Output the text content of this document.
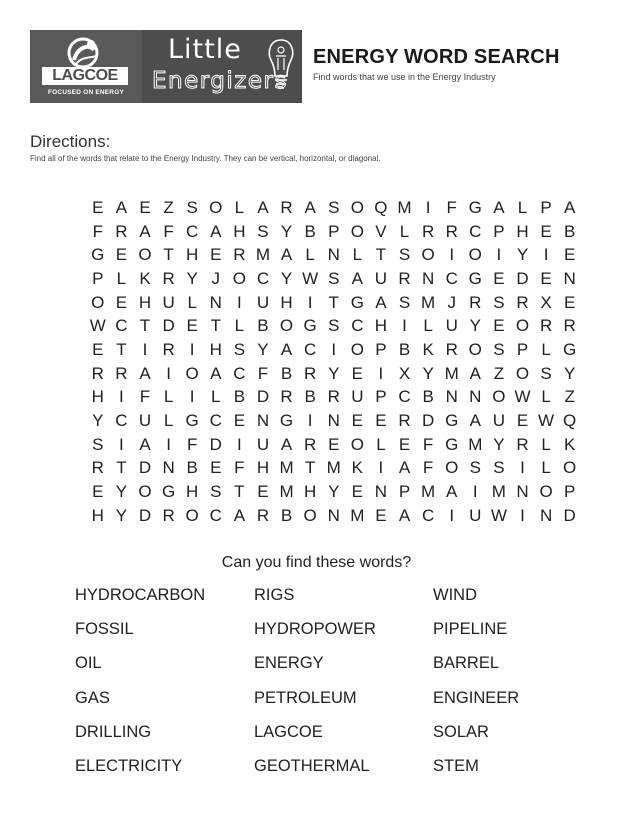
LAGCOE
FOCUSED ON ENERGY
Little
Energizers
ENERGY WORD SEARCH
Find words that we use in the Energy Industry
Directions:
Find all of the words that relate to the Energy Industry. They can be vertical, horizontal, or diagonal.
E A E Z S O L A R A S O Q M I F G A L P A
F R A F C A H S Y B P O V L R R C P H E B
G E O T H E R M A L N L T S O I O I Y I E
P L K R Y J O C Y W S A U R N C G E D E N
O E H U L N I U H I T G A S M J R S R X E
W C T D E T L B O G S C H I L U Y E O R R
E T I R I H S Y A C I O P B K R O S P L G
R R A I O A C F B R Y E I X Y M A Z O S Y
H I F L I L B D R B R U P C B N N O W L Z
Y C U L G C E N G I N E E R D G A U E W Q
S I A I F D I U A R E O L E F G M Y R L K
R T D N B E F H M T M K I A F O S S I L O
E Y O G H S T E M H Y E N P M A I M N O P
H Y D R O C A R B O N M E A C I U W I N D
Can you find these words?
HYDROCARBON
FOSSIL
OIL
GAS
DRILLING
ELECTRICITY
RIGS
HYDROPOWER
ENERGY
PETROLEUM
LAGCOE
GEOTHERMAL
WIND
PIPELINE
BARREL
ENGINEER
SOLAR
STEM
